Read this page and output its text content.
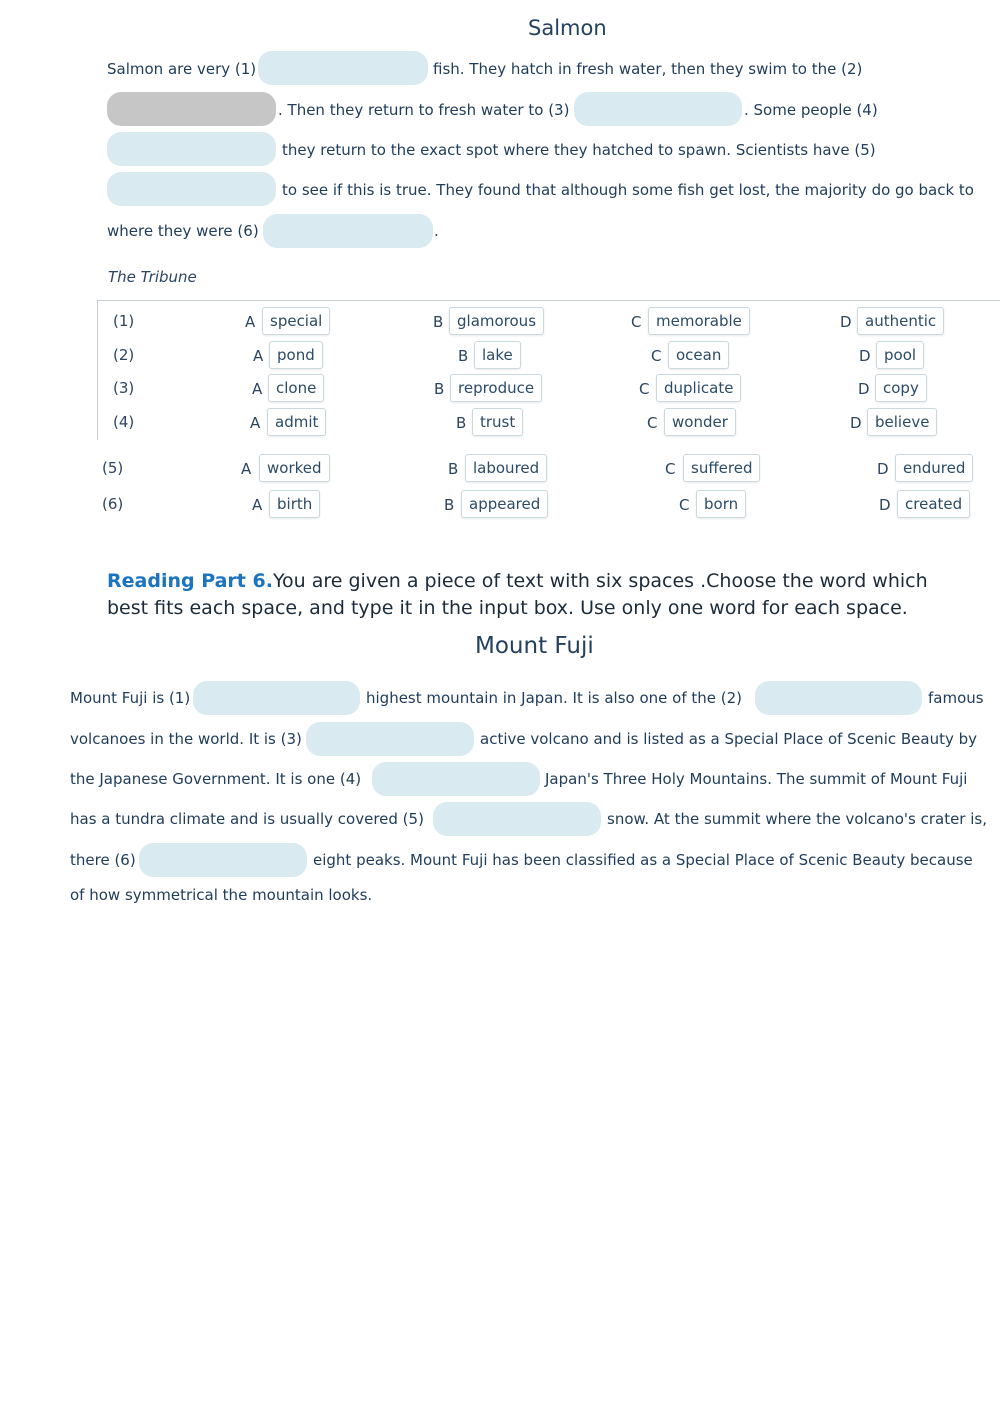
Salmon
Salmon are very (1)	fish. They hatch in fresh water, then they swim to the (2)
. Then they return to fresh water to (3)	. Some people (4)
they return to the exact spot where they hatched to spawn. Scientists have (5)
to see if this is true. They found that although some fish get lost, the majority do go back to
where they were (6)	.
The Tribune
(1)	A special	B glamorous	C memorable	D authentic
(2)	A pond	B lake	C ocean	D pool
(3)	A clone	B reproduce	C duplicate	D copy
(4)	A admit	B trust	C wonder	D believe
(5)	A	worked	B laboured	C	suffered	D endured
(6)	A birth	B appeared	C born	D created
Reading Part 6.You are given a piece of text with six spaces .Choose the word which
best fits each space, and type it in the input box. Use only one word for each space.
Mount Fuji
Mount Fuji is (1)	highest mountain in Japan. It is also one of the (2)	famous
volcanoes in the world. It is (3)	active volcano and is listed as a Special Place of Scenic Beauty by
the Japanese Government. It is one (4)	Japan's Three Holy Mountains. The summit of Mount Fuji
has a tundra climate and is usually covered (5)	snow. At the summit where the volcano's crater is,
there (6)	eight peaks. Mount Fuji has been classified as a Special Place of Scenic Beauty because
of how symmetrical the mountain looks.
